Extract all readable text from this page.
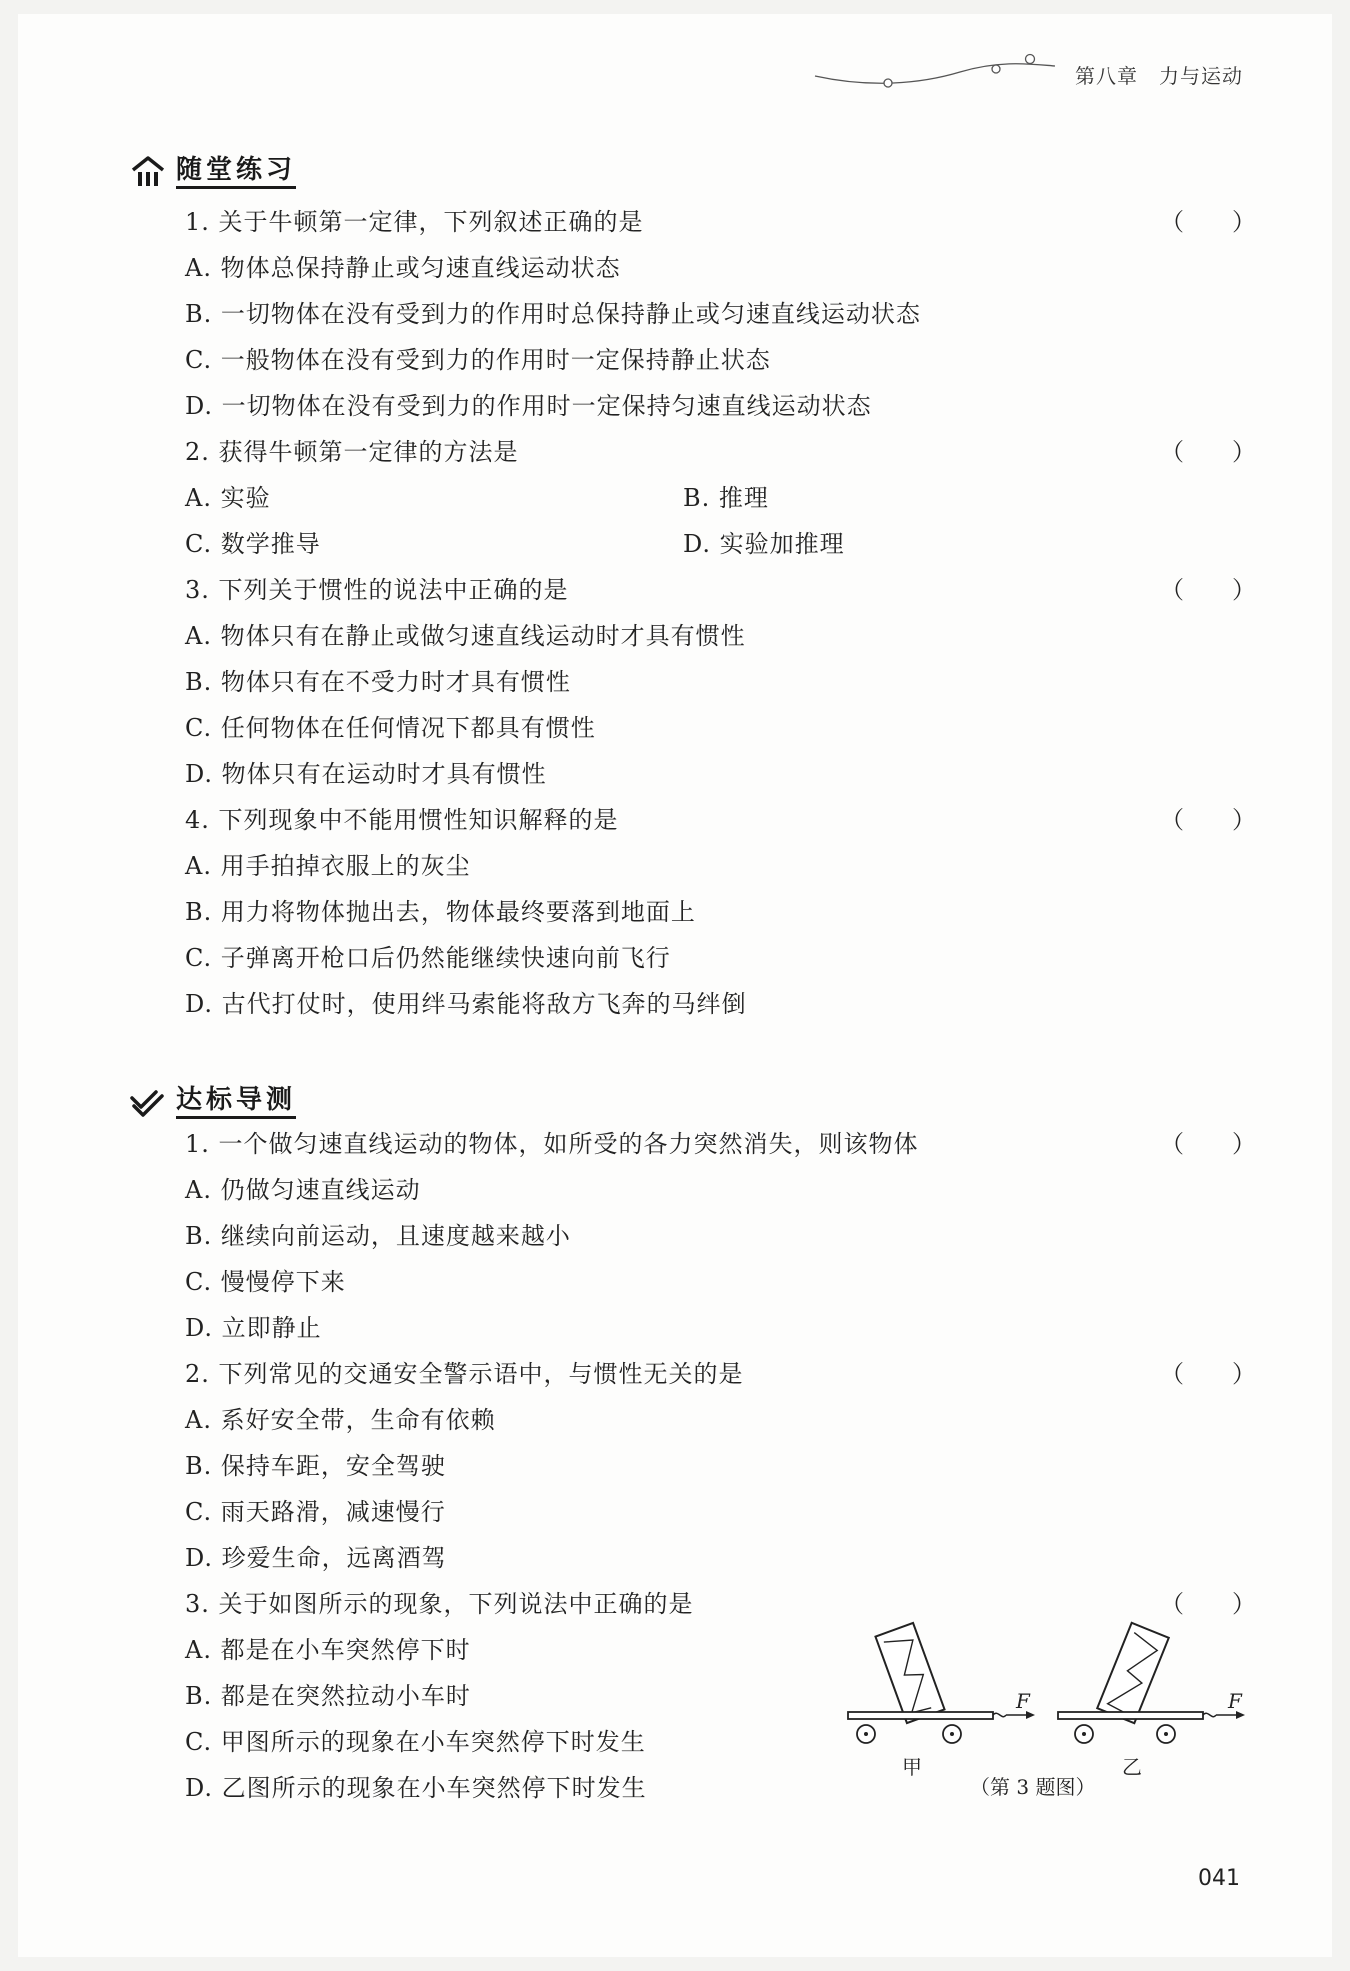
第八章　力与运动
随堂练习
1. 关于牛顿第一定律，下列叙述正确的是	（　　）
A. 物体总保持静止或匀速直线运动状态
B. 一切物体在没有受到力的作用时总保持静止或匀速直线运动状态
C. 一般物体在没有受到力的作用时一定保持静止状态
D. 一切物体在没有受到力的作用时一定保持匀速直线运动状态
2. 获得牛顿第一定律的方法是	（　　）
A. 实验	B. 推理
C. 数学推导	D. 实验加推理
3. 下列关于惯性的说法中正确的是	（　　）
A. 物体只有在静止或做匀速直线运动时才具有惯性
B. 物体只有在不受力时才具有惯性
C. 任何物体在任何情况下都具有惯性
D. 物体只有在运动时才具有惯性
4. 下列现象中不能用惯性知识解释的是	（　　）
A. 用手拍掉衣服上的灰尘
B. 用力将物体抛出去，物体最终要落到地面上
C. 子弹离开枪口后仍然能继续快速向前飞行
D. 古代打仗时，使用绊马索能将敌方飞奔的马绊倒
达标导测
1. 一个做匀速直线运动的物体，如所受的各力突然消失，则该物体	（　　）
A. 仍做匀速直线运动
B. 继续向前运动，且速度越来越小
C. 慢慢停下来
D. 立即静止
2. 下列常见的交通安全警示语中，与惯性无关的是	（　　）
A. 系好安全带，生命有依赖
B. 保持车距，安全驾驶
C. 雨天路滑，减速慢行
D. 珍爱生命，远离酒驾
3. 关于如图所示的现象，下列说法中正确的是	（　　）
A. 都是在小车突然停下时
B. 都是在突然拉动小车时
C. 甲图所示的现象在小车突然停下时发生
D. 乙图所示的现象在小车突然停下时发生
F	F
甲	乙
（第 3 题图）
041
